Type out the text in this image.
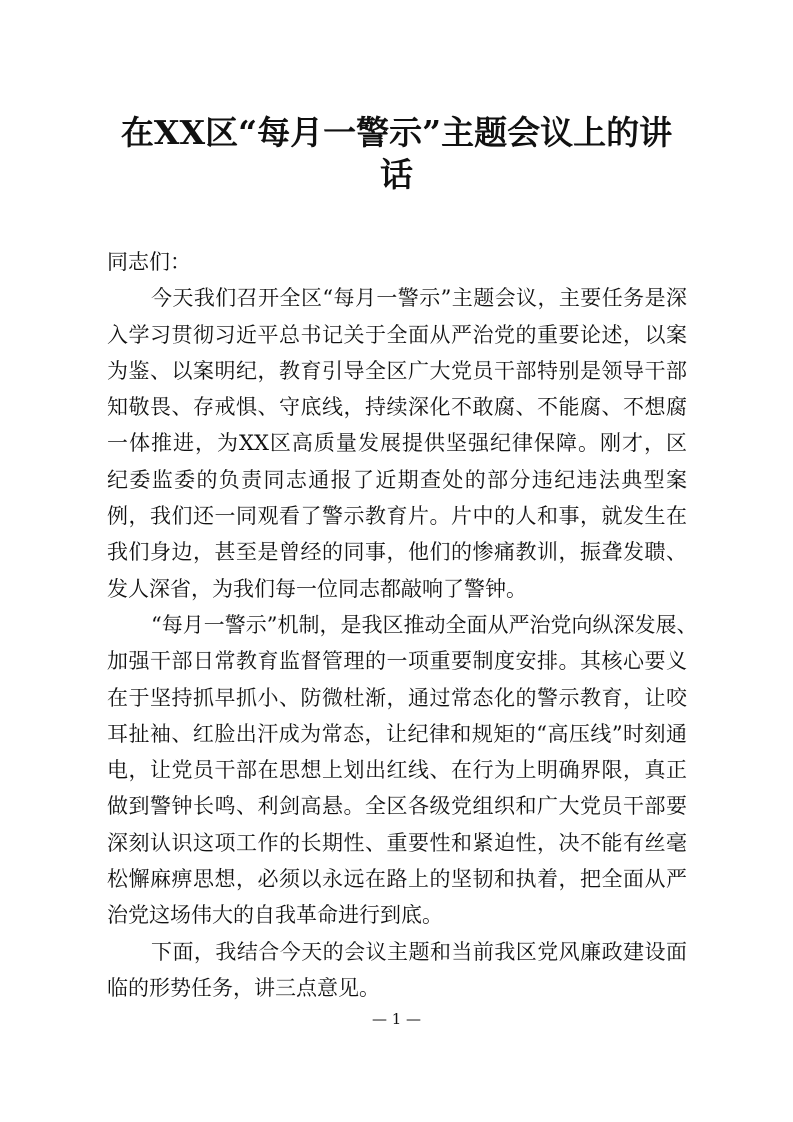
在XX区“每月一警示”主题会议上的讲
话
同志们：
今天我们召开全区“每月一警示”主题会议，主要任务是深
入学习贯彻习近平总书记关于全面从严治党的重要论述，以案
为鉴、以案明纪，教育引导全区广大党员干部特别是领导干部
知敬畏、存戒惧、守底线，持续深化不敢腐、不能腐、不想腐
一体推进，为XX区高质量发展提供坚强纪律保障。刚才，区
纪委监委的负责同志通报了近期查处的部分违纪违法典型案
例，我们还一同观看了警示教育片。片中的人和事，就发生在
我们身边，甚至是曾经的同事，他们的惨痛教训，振聋发聩、
发人深省，为我们每一位同志都敲响了警钟。
“每月一警示”机制，是我区推动全面从严治党向纵深发展、
加强干部日常教育监督管理的一项重要制度安排。其核心要义
在于坚持抓早抓小、防微杜渐，通过常态化的警示教育，让咬
耳扯袖、红脸出汗成为常态，让纪律和规矩的“高压线”时刻通
电，让党员干部在思想上划出红线、在行为上明确界限，真正
做到警钟长鸣、利剑高悬。全区各级党组织和广大党员干部要
深刻认识这项工作的长期性、重要性和紧迫性，决不能有丝毫
松懈麻痹思想，必须以永远在路上的坚韧和执着，把全面从严
治党这场伟大的自我革命进行到底。
下面，我结合今天的会议主题和当前我区党风廉政建设面
临的形势任务，讲三点意见。
— 1 —
